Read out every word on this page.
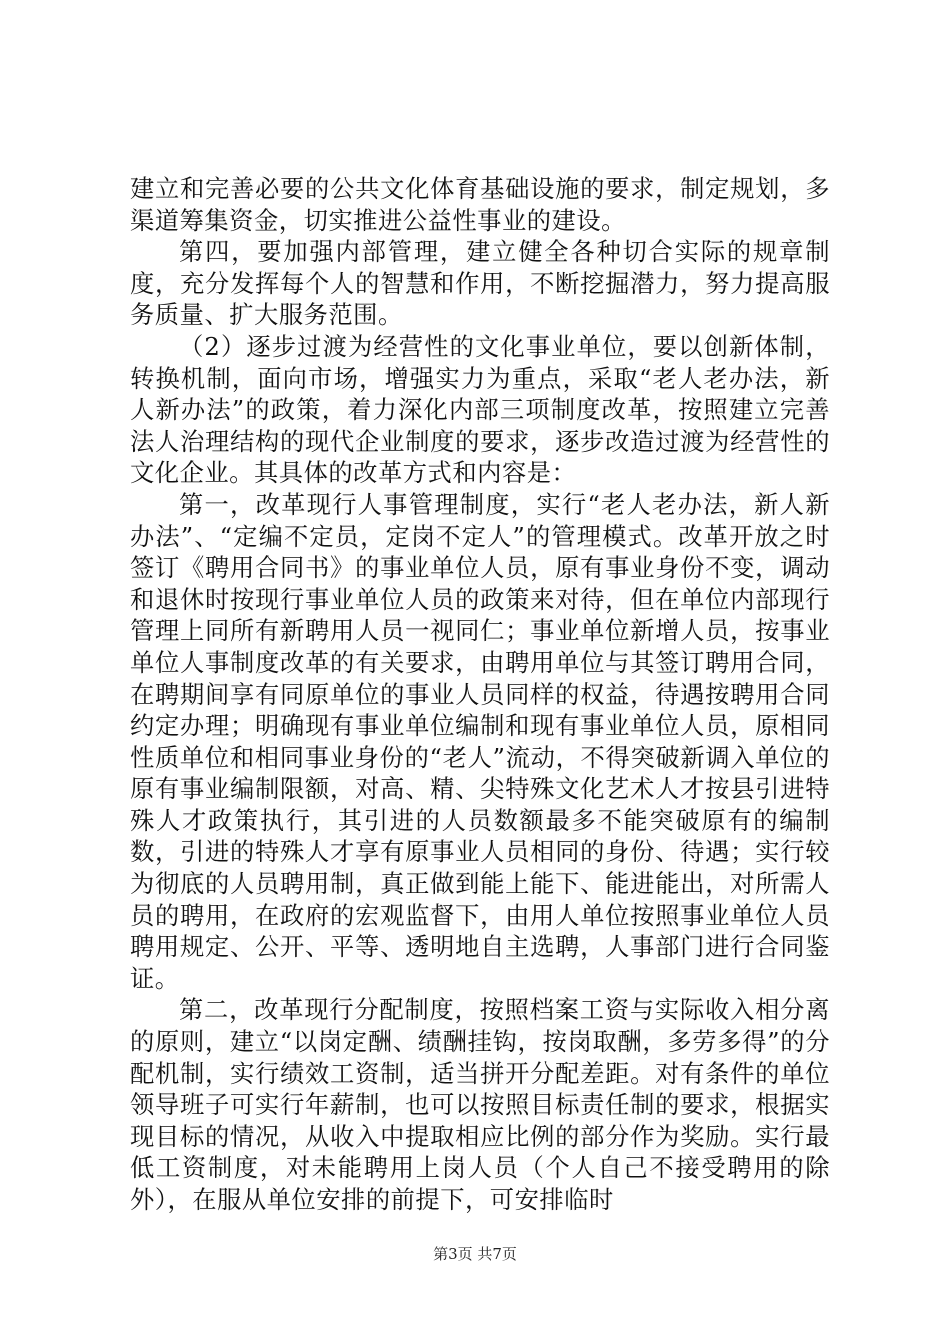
建立和完善必要的公共文化体育基础设施的要求，制定规划，多渠道筹集资金，切实推进公益性事业的建设。

第四，要加强内部管理，建立健全各种切合实际的规章制度，充分发挥每个人的智慧和作用，不断挖掘潜力，努力提高服务质量、扩大服务范围。

（2）逐步过渡为经营性的文化事业单位，要以创新体制，转换机制，面向市场，增强实力为重点，采取“老人老办法，新人新办法”的政策，着力深化内部三项制度改革，按照建立完善法人治理结构的现代企业制度的要求，逐步改造过渡为经营性的文化企业。其具体的改革方式和内容是：

第一，改革现行人事管理制度，实行“老人老办法，新人新办法”、“定编不定员，定岗不定人”的管理模式。改革开放之时签订《聘用合同书》的事业单位人员，原有事业身份不变，调动和退休时按现行事业单位人员的政策来对待，但在单位内部现行管理上同所有新聘用人员一视同仁；事业单位新增人员，按事业单位人事制度改革的有关要求，由聘用单位与其签订聘用合同，在聘期间享有同原单位的事业人员同样的权益，待遇按聘用合同约定办理；明确现有事业单位编制和现有事业单位人员，原相同性质单位和相同事业身份的“老人”流动，不得突破新调入单位的原有事业编制限额，对高、精、尖特殊文化艺术人才按县引进特殊人才政策执行，其引进的人员数额最多不能突破原有的编制数，引进的特殊人才享有原事业人员相同的身份、待遇；实行较为彻底的人员聘用制，真正做到能上能下、能进能出，对所需人员的聘用，在政府的宏观监督下，由用人单位按照事业单位人员聘用规定、公开、平等、透明地自主选聘，人事部门进行合同鉴证。

第二，改革现行分配制度，按照档案工资与实际收入相分离的原则，建立“以岗定酬、绩酬挂钩，按岗取酬，多劳多得”的分配机制，实行绩效工资制，适当拼开分配差距。对有条件的单位领导班子可实行年薪制，也可以按照目标责任制的要求，根据实现目标的情况，从收入中提取相应比例的部分作为奖励。实行最低工资制度，对未能聘用上岗人员（个人自己不接受聘用的除外），在服从单位安排的前提下，可安排临时

第3页 共7页
